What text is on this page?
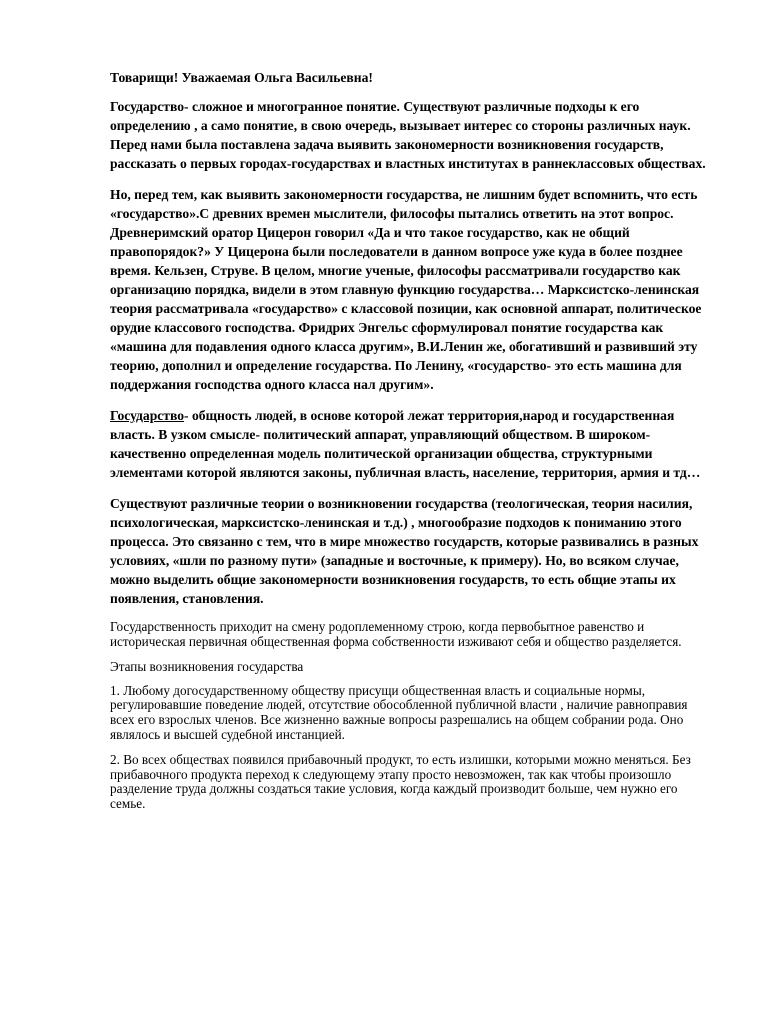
Товарищи! Уважаемая Ольга Васильевна!

Государство- сложное и многогранное понятие. Существуют различные подходы к его определению , а само понятие, в свою очередь, вызывает интерес со стороны различных наук. Перед нами была поставлена задача выявить закономерности возникновения государств, рассказать о первых городах-государствах и властных институтах в раннеклассовых обществах.

Но, перед тем, как выявить закономерности государства, не лишним будет вспомнить, что есть «государство».С древних времен мыслители, философы пытались ответить на этот вопрос. Древнеримский оратор Цицерон говорил «Да и что такое государство, как не общий правопорядок?» У Цицерона были последователи в данном вопросе уже куда в более позднее время. Кельзен, Струве. В целом, многие ученые, философы рассматривали государство как организацию порядка, видели в этом главную функцию государства… Марксистско-ленинская теория рассматривала «государство» с классовой позиции, как основной аппарат, политическое орудие классового господства. Фридрих Энгельс сформулировал понятие государства как «машина для подавления одного класса другим», В.И.Ленин же, обогативший и развивший эту теорию, дополнил и определение государства. По Ленину, «государство- это есть машина для поддержания господства одного класса нал другим».

Государство- общность людей, в основе которой лежат территория,народ и государственная власть. В узком смысле- политический аппарат, управляющий обществом. В широком- качественно определенная модель политической организации общества, структурными элементами которой являются законы, публичная власть, население, территория, армия и тд…

Существуют различные теории о возникновении государства (теологическая, теория насилия, психологическая, марксистско-ленинская и т.д.) , многообразие подходов к пониманию этого процесса. Это связанно с тем, что в мире множество государств, которые развивались в разных условиях, «шли по разному пути» (западные и восточные, к примеру). Но, во всяком случае, можно выделить общие закономерности возникновения государств, то есть общие этапы их появления, становления.

Государственность приходит на смену родоплеменному строю, когда первобытное равенство и историческая первичная общественная форма собственности изживают себя и общество разделяется.

Этапы возникновения государства

1. Любому догосударственному обществу присущи общественная власть и социальные нормы, регулировавшие поведение людей, отсутствие обособленной публичной власти , наличие равноправия всех его взрослых членов. Все жизненно важные вопросы разрешались на общем собрании рода. Оно являлось и высшей судебной инстанцией.

2. Во всех обществах появился прибавочный продукт, то есть излишки, которыми можно меняться. Без прибавочного продукта переход к следующему этапу просто невозможен, так как чтобы произошло разделение труда должны создаться такие условия, когда каждый производит больше, чем нужно его семье.
